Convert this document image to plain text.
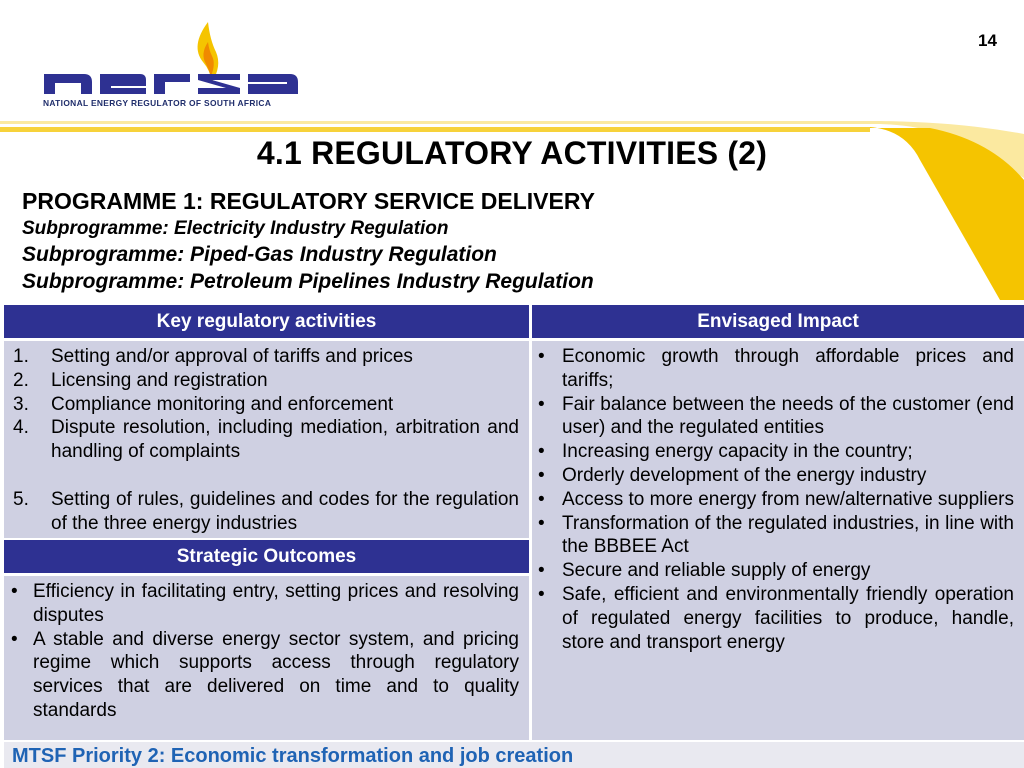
14
NATIONAL ENERGY REGULATOR OF SOUTH AFRICA
4.1 REGULATORY ACTIVITIES (2)
PROGRAMME 1: REGULATORY SERVICE DELIVERY
Subprogramme: Electricity Industry Regulation
Subprogramme: Piped-Gas Industry Regulation
Subprogramme: Petroleum Pipelines Industry Regulation
Key regulatory activities	Envisaged Impact
1. Setting and/or approval of tariffs and prices
2. Licensing and registration
3. Compliance monitoring and enforcement
4. Dispute resolution, including mediation, arbitration and handling of complaints
5. Setting of rules, guidelines and codes for the regulation of the three energy industries
Strategic Outcomes
• Efficiency in facilitating entry, setting prices and resolving disputes
• A stable and diverse energy sector system, and pricing regime which supports access through regulatory services that are delivered on time and to quality standards
• Economic growth through affordable prices and tariffs;
• Fair balance between the needs of the customer (end user) and the regulated entities
• Increasing energy capacity in the country;
• Orderly development of the energy industry
• Access to more energy from new/alternative suppliers
• Transformation of the regulated industries, in line with the BBBEE Act
• Secure and reliable supply of energy
• Safe, efficient and environmentally friendly operation of regulated energy facilities to produce, handle, store and transport energy
MTSF Priority 2: Economic transformation and job creation
